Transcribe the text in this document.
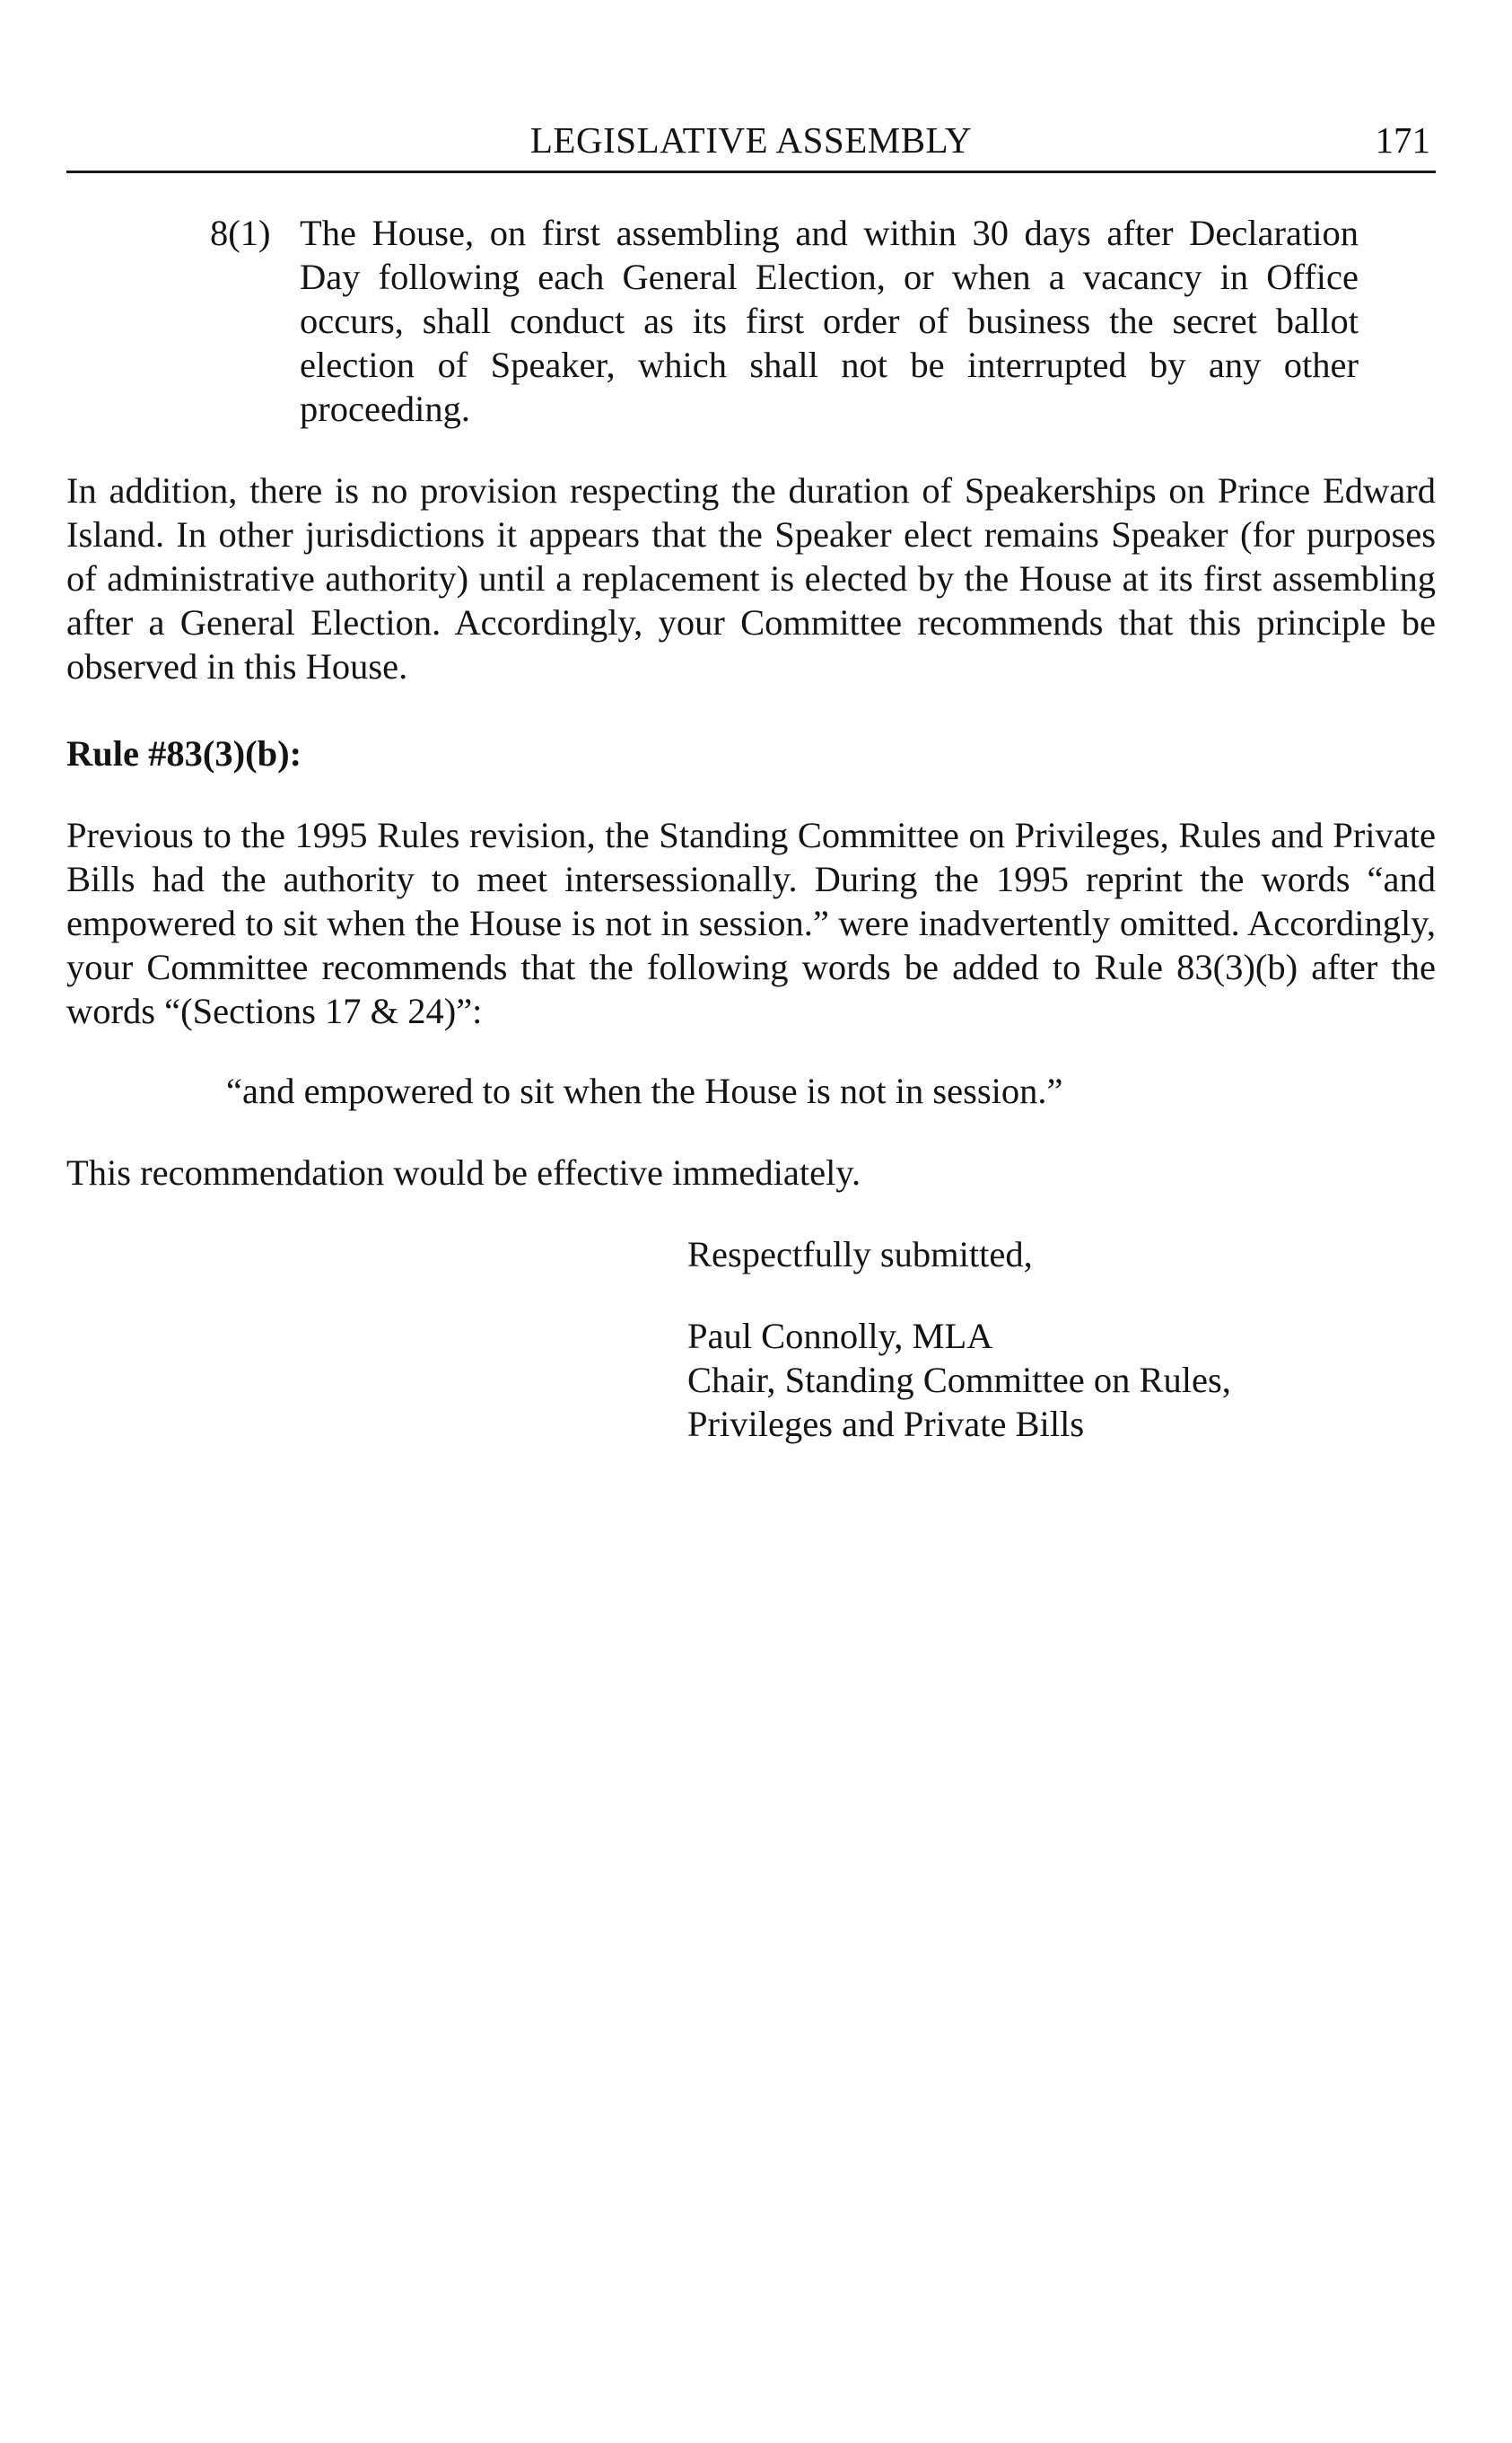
LEGISLATIVE ASSEMBLY	171
8(1) The House, on first assembling and within 30 days after Declaration Day following each General Election, or when a vacancy in Office occurs, shall conduct as its first order of business the secret ballot election of Speaker, which shall not be interrupted by any other proceeding.
In addition, there is no provision respecting the duration of Speakerships on Prince Edward Island. In other jurisdictions it appears that the Speaker elect remains Speaker (for purposes of administrative authority) until a replacement is elected by the House at its first assembling after a General Election. Accordingly, your Committee recommends that this principle be observed in this House.
Rule #83(3)(b):
Previous to the 1995 Rules revision, the Standing Committee on Privileges, Rules and Private Bills had the authority to meet intersessionally. During the 1995 reprint the words “and empowered to sit when the House is not in session.” were inadvertently omitted. Accordingly, your Committee recommends that the following words be added to Rule 83(3)(b) after the words “(Sections 17 & 24)”:
“and empowered to sit when the House is not in session.”
This recommendation would be effective immediately.
Respectfully submitted,
Paul Connolly, MLA
Chair, Standing Committee on Rules,
Privileges and Private Bills
